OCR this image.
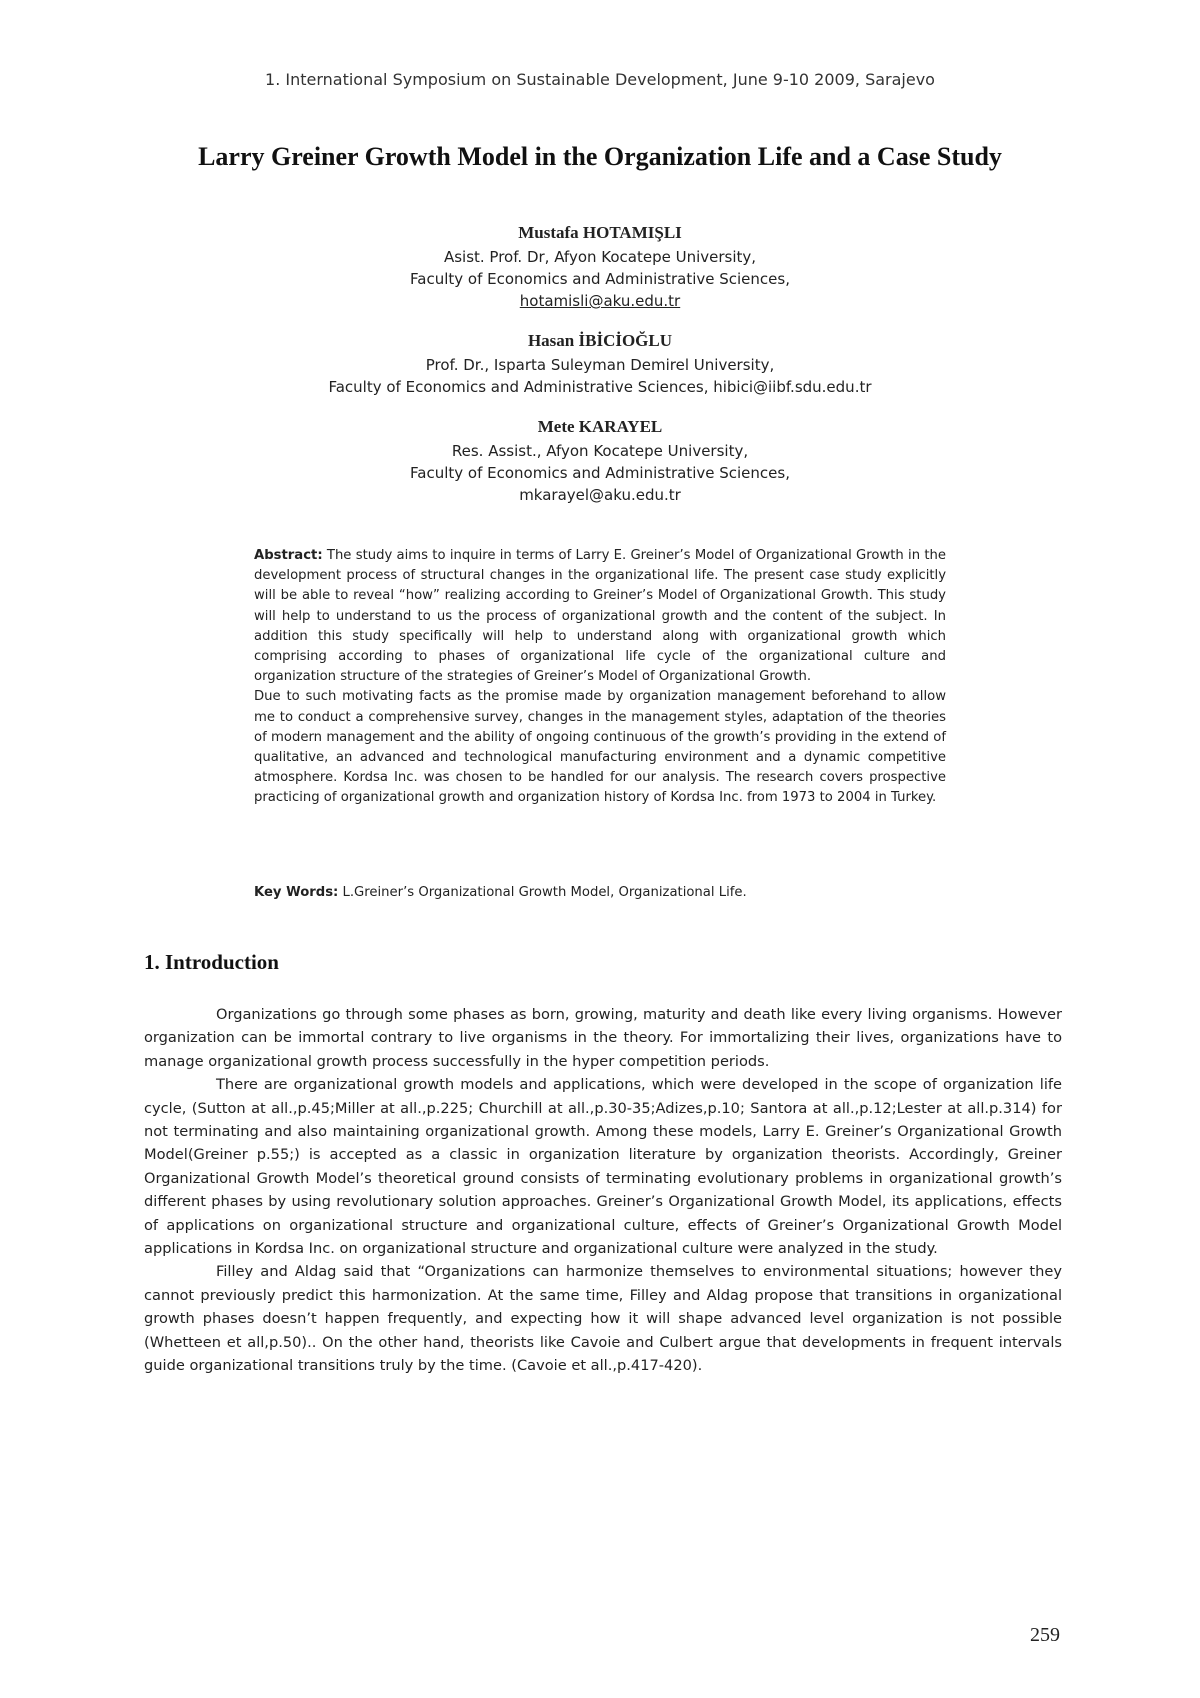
1. International Symposium on Sustainable Development, June 9-10 2009, Sarajevo
Larry Greiner Growth Model in the Organization Life and a Case Study
Mustafa HOTAMIŞLI
Asist. Prof. Dr, Afyon Kocatepe University,
Faculty of Economics and Administrative Sciences,
hotamisli@aku.edu.tr
Hasan İBİCİOĞLU
Prof. Dr., Isparta Suleyman Demirel University,
Faculty of Economics and Administrative Sciences, hibici@iibf.sdu.edu.tr
Mete KARAYEL
Res. Assist., Afyon Kocatepe University,
Faculty of Economics and Administrative Sciences,
mkarayel@aku.edu.tr

Abstract: The study aims to inquire in terms of Larry E. Greiner’s Model of Organizational Growth in the development process of structural changes in the organizational life. The present case study explicitly will be able to reveal “how” realizing according to Greiner’s Model of Organizational Growth. This study will help to understand to us the process of organizational growth and the content of the subject. In addition this study specifically will help to understand along with organizational growth which comprising according to phases of organizational life cycle of the organizational culture and organization structure of the strategies of Greiner’s Model of Organizational Growth.

Due to such motivating facts as the promise made by organization management beforehand to allow me to conduct a comprehensive survey, changes in the management styles, adaptation of the theories of modern management and the ability of ongoing continuous of the growth’s providing in the extend of qualitative, an advanced and technological manufacturing environment and a dynamic competitive atmosphere. Kordsa Inc. was chosen to be handled for our analysis. The research covers prospective practicing of organizational growth and organization history of Kordsa Inc. from 1973 to 2004 in Turkey.

Key Words: L.Greiner’s Organizational Growth Model, Organizational Life.
1. Introduction

Organizations go through some phases as born, growing, maturity and death like every living organisms. However organization can be immortal contrary to live organisms in the theory. For immortalizing their lives, organizations have to manage organizational growth process successfully in the hyper competition periods.

There are organizational growth models and applications, which were developed in the scope of organization life cycle, (Sutton at all.,p.45;Miller at all.,p.225; Churchill at all.,p.30-35;Adizes,p.10; Santora at all.,p.12;Lester at all.p.314) for not terminating and also maintaining organizational growth. Among these models, Larry E. Greiner’s Organizational Growth Model(Greiner p.55;) is accepted as a classic in organization literature by organization theorists. Accordingly, Greiner Organizational Growth Model’s theoretical ground consists of terminating evolutionary problems in organizational growth’s different phases by using revolutionary solution approaches. Greiner’s Organizational Growth Model, its applications, effects of applications on organizational structure and organizational culture, effects of Greiner’s Organizational Growth Model applications in Kordsa Inc. on organizational structure and organizational culture were analyzed in the study.

Filley and Aldag said that “Organizations can harmonize themselves to environmental situations; however they cannot previously predict this harmonization. At the same time, Filley and Aldag propose that transitions in organizational growth phases doesn’t happen frequently, and expecting how it will shape advanced level organization is not possible (Whetteen et all,p.50).. On the other hand, theorists like Cavoie and Culbert argue that developments in frequent intervals guide organizational transitions truly by the time. (Cavoie et all.,p.417-420).

259
